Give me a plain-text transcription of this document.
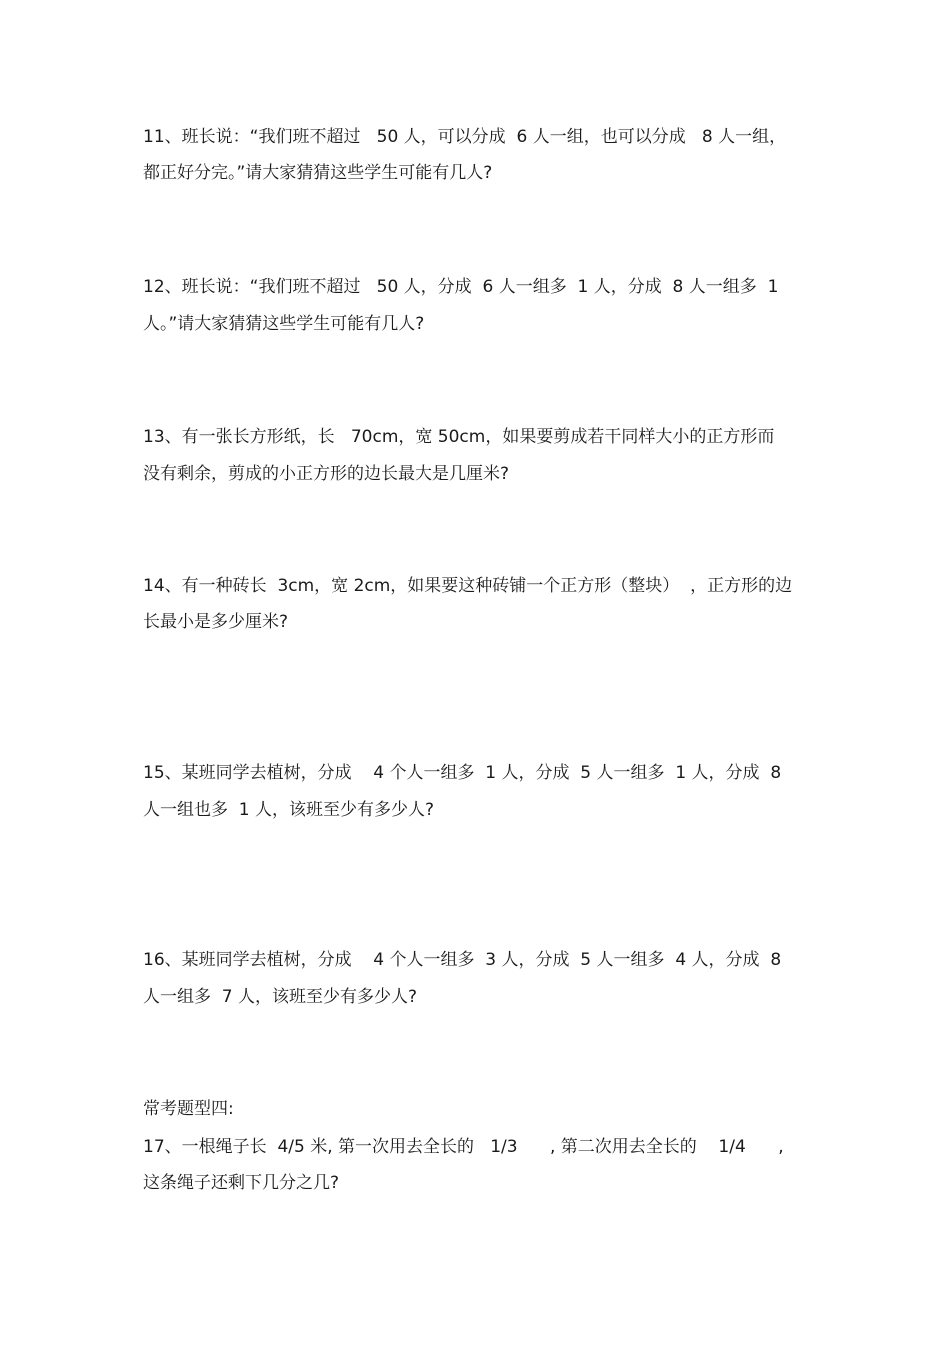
11、班长说：“我们班不超过   50 人，可以分成  6 人一组，也可以分成   8 人一组，

都正好分完。”请大家猜猜这些学生可能有几人?

12、班长说：“我们班不超过   50 人，分成  6 人一组多  1 人，分成  8 人一组多  1

人。”请大家猜猜这些学生可能有几人?

13、有一张长方形纸，长   70cm，宽 50cm，如果要剪成若干同样大小的正方形而

没有剩余，剪成的小正方形的边长最大是几厘米?

14、有一种砖长  3cm，宽 2cm，如果要这种砖铺一个正方形（整块）  ，正方形的边

长最小是多少厘米?

15、某班同学去植树，分成    4 个人一组多  1 人，分成  5 人一组多  1 人，分成  8

人一组也多  1 人，该班至少有多少人?

16、某班同学去植树，分成    4 个人一组多  3 人，分成  5 人一组多  4 人，分成  8

人一组多  7 人，该班至少有多少人?

常考题型四:

17、一根绳子长  4/5 米, 第一次用去全长的   1/3      , 第二次用去全长的    1/4      ,

这条绳子还剩下几分之几?
